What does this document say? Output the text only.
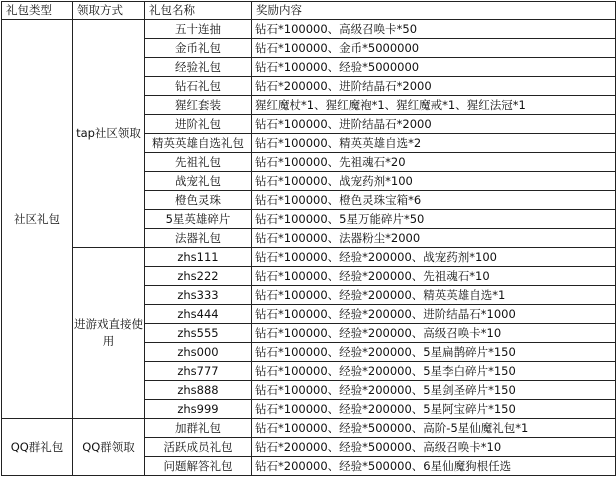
礼包类型	领取方式	礼包名称	奖励内容
社区礼包	tap社区领取	五十连抽	钻石*100000、高级召唤卡*50
		金币礼包	钻石*100000、金币*5000000
		经验礼包	钻石*100000、经验*5000000
		钻石礼包	钻石*200000、进阶结晶石*2000
		猩红套装	猩红魔杖*1、猩红魔袍*1、猩红魔戒*1、猩红法冠*1
		进阶礼包	钻石*100000、进阶结晶石*2000
		精英英雄自选礼包	钻石*100000、精英英雄自选*2
		先祖礼包	钻石*100000、先祖魂石*20
		战宠礼包	钻石*100000、战宠药剂*100
		橙色灵珠	钻石*100000、橙色灵珠宝箱*6
		5星英雄碎片	钻石*100000、5星万能碎片*50
		法器礼包	钻石*100000、法器粉尘*2000
	进游戏直接使用	zhs111	钻石*100000、经验*200000、战宠药剂*100
		zhs222	钻石*100000、经验*200000、先祖魂石*10
		zhs333	钻石*100000、经验*200000、精英英雄自选*1
		zhs444	钻石*100000、经验*200000、进阶结晶石*1000
		zhs555	钻石*100000、经验*200000、高级召唤卡*10
		zhs000	钻石*100000、经验*200000、5星扁鹊碎片*150
		zhs777	钻石*100000、经验*200000、5星李白碎片*150
		zhs888	钻石*100000、经验*200000、5星剑圣碎片*150
		zhs999	钻石*100000、经验*200000、5星阿宝碎片*150
QQ群礼包	QQ群领取	加群礼包	钻石*100000、经验*500000、高阶-5星仙魔礼包*1
		活跃成员礼包	钻石*200000、经验*500000、高级召唤卡*10
		问题解答礼包	钻石*200000、经验*500000、6星仙魔狗根任选
